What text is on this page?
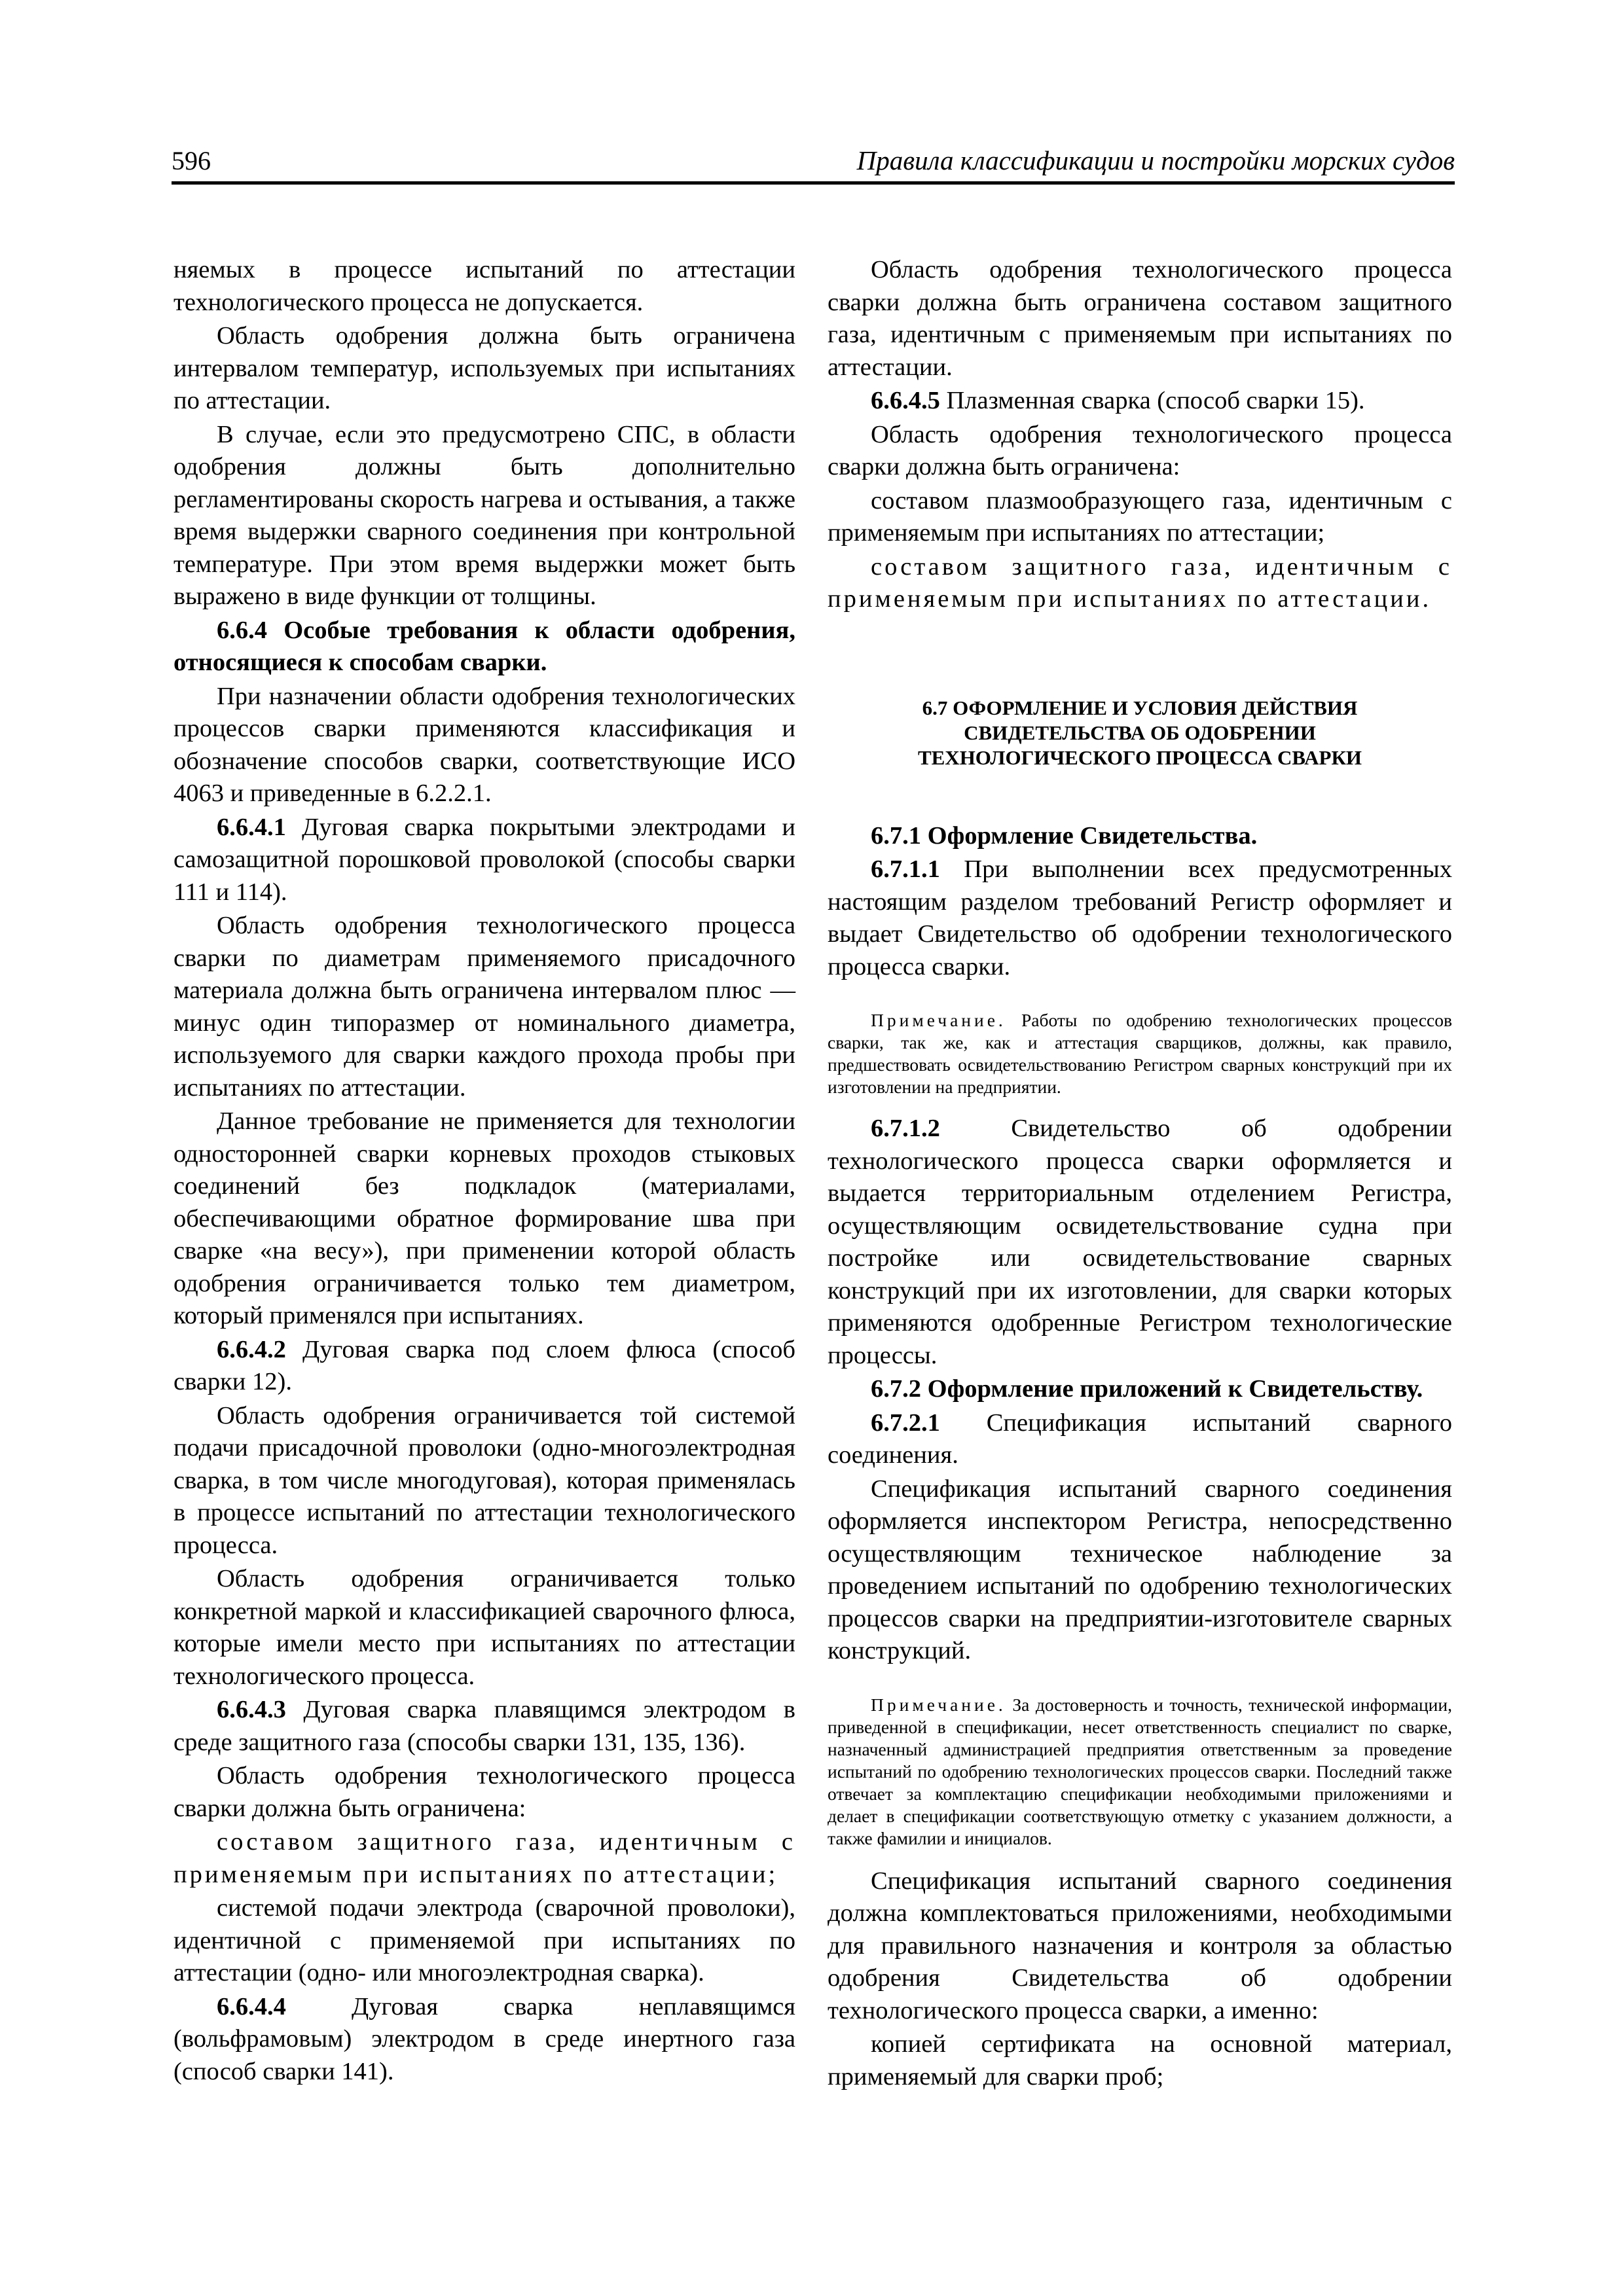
596	Правила классификации и постройки морских судов

няемых в процессе испытаний по аттестации технологического процесса не допускается.

Область одобрения должна быть ограничена интервалом температур, используемых при испытаниях по аттестации.

В случае, если это предусмотрено СПС, в области одобрения должны быть дополнительно регламентированы скорость нагрева и остывания, а также время выдержки сварного соединения при контрольной температуре. При этом время выдержки может быть выражено в виде функции от толщины.

6.6.4 Особые требования к области одобрения, относящиеся к способам сварки.

При назначении области одобрения технологических процессов сварки применяются классификация и обозначение способов сварки, соответствующие ИСО 4063 и приведенные в 6.2.2.1.

6.6.4.1 Дуговая сварка покрытыми электродами и самозащитной порошковой проволокой (способы сварки 111 и 114).

Область одобрения технологического процесса сварки по диаметрам применяемого присадочного материала должна быть ограничена интервалом плюс — минус один типоразмер от номинального диаметра, используемого для сварки каждого прохода пробы при испытаниях по аттестации.

Данное требование не применяется для технологии односторонней сварки корневых проходов стыковых соединений без подкладок (материалами, обеспечивающими обратное формирование шва при сварке «на весу»), при применении которой область одобрения ограничивается только тем диаметром, который применялся при испытаниях.

6.6.4.2 Дуговая сварка под слоем флюса (способ сварки 12).

Область одобрения ограничивается той системой подачи присадочной проволоки (одно-многоэлектродная сварка, в том числе многодуговая), которая применялась в процессе испытаний по аттестации технологического процесса.

Область одобрения ограничивается только конкретной маркой и классификацией сварочного флюса, которые имели место при испытаниях по аттестации технологического процесса.

6.6.4.3 Дуговая сварка плавящимся электродом в среде защитного газа (способы сварки 131, 135, 136).

Область одобрения технологического процесса сварки должна быть ограничена:

составом защитного газа, идентичным с применяемым при испытаниях по аттестации;

системой подачи электрода (сварочной проволоки), идентичной с применяемой при испытаниях по аттестации (одно- или многоэлектродная сварка).

6.6.4.4 Дуговая сварка неплавящимся (вольфрамовым) электродом в среде инертного газа (способ сварки 141).

Область одобрения технологического процесса сварки должна быть ограничена составом защитного газа, идентичным с применяемым при испытаниях по аттестации.

6.6.4.5 Плазменная сварка (способ сварки 15).

Область одобрения технологического процесса сварки должна быть ограничена:

составом плазмообразующего газа, идентичным с применяемым при испытаниях по аттестации;

составом защитного газа, идентичным с применяемым при испытаниях по аттестации.

6.7 ОФОРМЛЕНИЕ И УСЛОВИЯ ДЕЙСТВИЯ
СВИДЕТЕЛЬСТВА ОБ ОДОБРЕНИИ
ТЕХНОЛОГИЧЕСКОГО ПРОЦЕССА СВАРКИ

6.7.1 Оформление Свидетельства.

6.7.1.1 При выполнении всех предусмотренных настоящим разделом требований Регистр оформляет и выдает Свидетельство об одобрении технологического процесса сварки.

Примечание. Работы по одобрению технологических процессов сварки, так же, как и аттестация сварщиков, должны, как правило, предшествовать освидетельствованию Регистром сварных конструкций при их изготовлении на предприятии.

6.7.1.2 Свидетельство об одобрении технологического процесса сварки оформляется и выдается территориальным отделением Регистра, осуществляющим освидетельствование судна при постройке или освидетельствование сварных конструкций при их изготовлении, для сварки которых применяются одобренные Регистром технологические процессы.

6.7.2 Оформление приложений к Свидетельству.

6.7.2.1 Спецификация испытаний сварного соединения.

Спецификация испытаний сварного соединения оформляется инспектором Регистра, непосредственно осуществляющим техническое наблюдение за проведением испытаний по одобрению технологических процессов сварки на предприятии-изготовителе сварных конструкций.

Примечание. За достоверность и точность, технической информации, приведенной в спецификации, несет ответственность специалист по сварке, назначенный администрацией предприятия ответственным за проведение испытаний по одобрению технологических процессов сварки. Последний также отвечает за комплектацию спецификации необходимыми приложениями и делает в спецификации соответствующую отметку с указанием должности, а также фамилии и инициалов.

Спецификация испытаний сварного соединения должна комплектоваться приложениями, необходимыми для правильного назначения и контроля за областью одобрения Свидетельства об одобрении технологического процесса сварки, а именно:

копией сертификата на основной материал, применяемый для сварки проб;
